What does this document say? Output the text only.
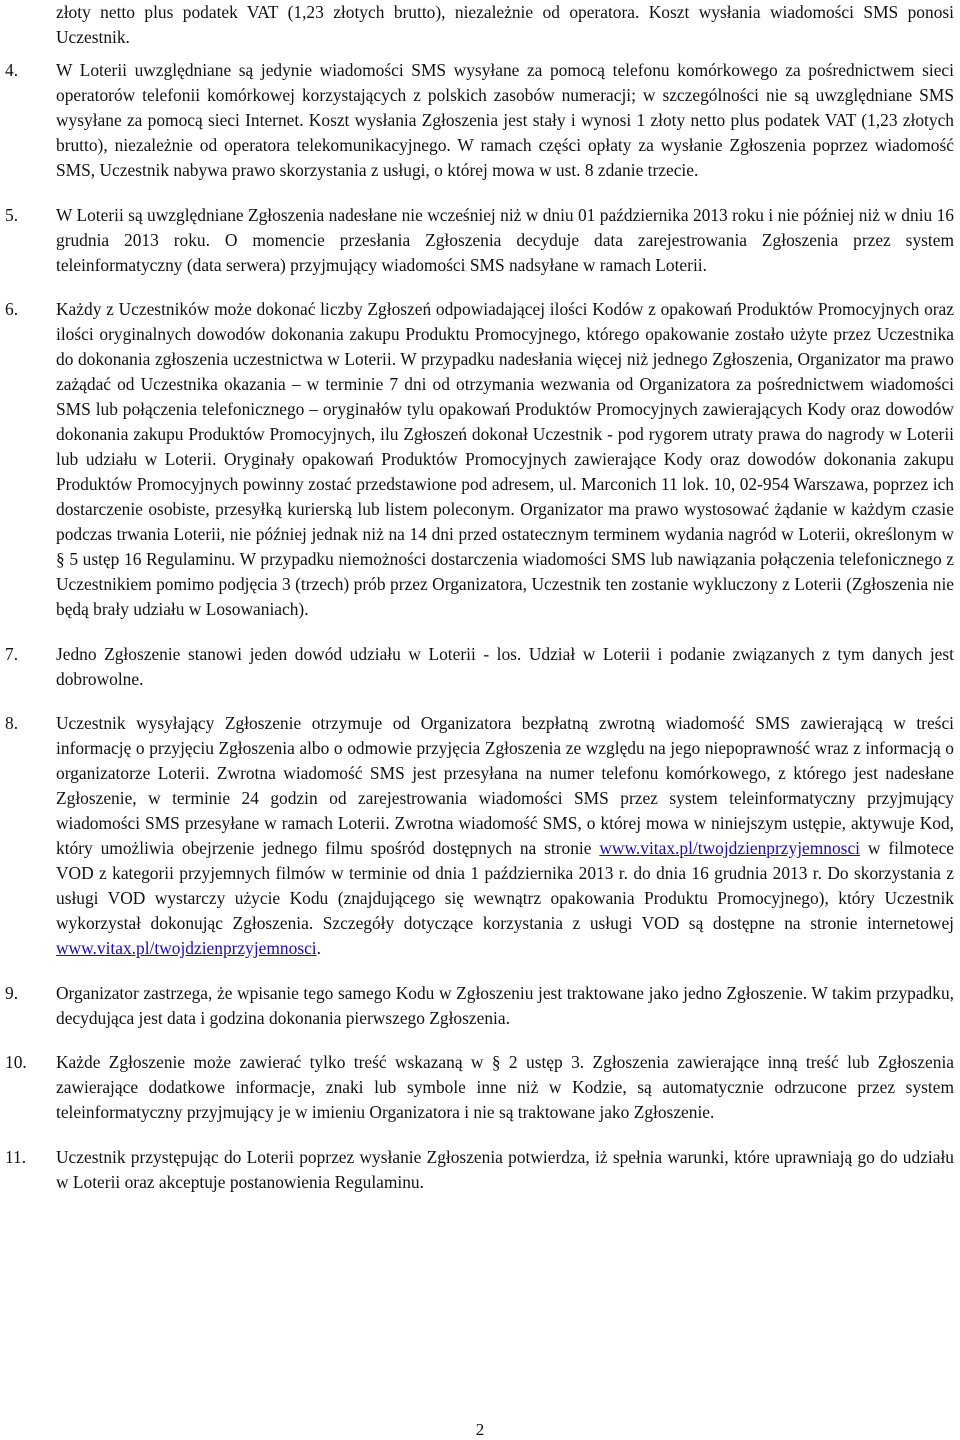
złoty netto plus podatek VAT (1,23 złotych brutto), niezależnie od operatora. Koszt wysłania wiadomości SMS ponosi Uczestnik.

4. W Loterii uwzględniane są jedynie wiadomości SMS wysyłane za pomocą telefonu komórkowego za pośrednictwem sieci operatorów telefonii komórkowej korzystających z polskich zasobów numeracji; w szczególności nie są uwzględniane SMS wysyłane za pomocą sieci Internet. Koszt wysłania Zgłoszenia jest stały i wynosi 1 złoty netto plus podatek VAT (1,23 złotych brutto), niezależnie od operatora telekomunikacyjnego. W ramach części opłaty za wysłanie Zgłoszenia poprzez wiadomość SMS, Uczestnik nabywa prawo skorzystania z usługi, o której mowa w ust. 8 zdanie trzecie.
5. W Loterii są uwzględniane Zgłoszenia nadesłane nie wcześniej niż w dniu 01 października 2013 roku i nie później niż w dniu 16 grudnia 2013 roku. O momencie przesłania Zgłoszenia decyduje data zarejestrowania Zgłoszenia przez system teleinformatyczny (data serwera) przyjmujący wiadomości SMS nadsyłane w ramach Loterii.
6. Każdy z Uczestników może dokonać liczby Zgłoszeń odpowiadającej ilości Kodów z opakowań Produktów Promocyjnych oraz ilości oryginalnych dowodów dokonania zakupu Produktu Promocyjnego, którego opakowanie zostało użyte przez Uczestnika do dokonania zgłoszenia uczestnictwa w Loterii. W przypadku nadesłania więcej niż jednego Zgłoszenia, Organizator ma prawo zażądać od Uczestnika okazania – w terminie 7 dni od otrzymania wezwania od Organizatora za pośrednictwem wiadomości SMS lub połączenia telefonicznego – oryginałów tylu opakowań Produktów Promocyjnych zawierających Kody oraz dowodów dokonania zakupu Produktów Promocyjnych, ilu Zgłoszeń dokonał Uczestnik - pod rygorem utraty prawa do nagrody w Loterii lub udziału w Loterii. Oryginały opakowań Produktów Promocyjnych zawierające Kody oraz dowodów dokonania zakupu Produktów Promocyjnych powinny zostać przedstawione pod adresem, ul. Marconich 11 lok. 10, 02-954 Warszawa, poprzez ich dostarczenie osobiste, przesyłką kurierską lub listem poleconym. Organizator ma prawo wystosować żądanie w każdym czasie podczas trwania Loterii, nie później jednak niż na 14 dni przed ostatecznym terminem wydania nagród w Loterii, określonym w § 5 ustęp 16 Regulaminu. W przypadku niemożności dostarczenia wiadomości SMS lub nawiązania połączenia telefonicznego z Uczestnikiem pomimo podjęcia 3 (trzech) prób przez Organizatora, Uczestnik ten zostanie wykluczony z Loterii (Zgłoszenia nie będą brały udziału w Losowaniach).
7. Jedno Zgłoszenie stanowi jeden dowód udziału w Loterii - los. Udział w Loterii i podanie związanych z tym danych jest dobrowolne.
8. Uczestnik wysyłający Zgłoszenie otrzymuje od Organizatora bezpłatną zwrotną wiadomość SMS zawierającą w treści informację o przyjęciu Zgłoszenia albo o odmowie przyjęcia Zgłoszenia ze względu na jego niepoprawność wraz z informacją o organizatorze Loterii. Zwrotna wiadomość SMS jest przesyłana na numer telefonu komórkowego, z którego jest nadesłane Zgłoszenie, w terminie 24 godzin od zarejestrowania wiadomości SMS przez system teleinformatyczny przyjmujący wiadomości SMS przesyłane w ramach Loterii. Zwrotna wiadomość SMS, o której mowa w niniejszym ustępie, aktywuje Kod, który umożliwia obejrzenie jednego filmu spośród dostępnych na stronie www.vitax.pl/twojdzienprzyjemnosci w filmotece VOD z kategorii przyjemnych filmów w terminie od dnia 1 października 2013 r. do dnia 16 grudnia 2013 r. Do skorzystania z usługi VOD wystarczy użycie Kodu (znajdującego się wewnątrz opakowania Produktu Promocyjnego), który Uczestnik wykorzystał dokonując Zgłoszenia. Szczegóły dotyczące korzystania z usługi VOD są dostępne na stronie internetowej www.vitax.pl/twojdzienprzyjemnosci.
9. Organizator zastrzega, że wpisanie tego samego Kodu w Zgłoszeniu jest traktowane jako jedno Zgłoszenie. W takim przypadku, decydująca jest data i godzina dokonania pierwszego Zgłoszenia.
10. Każde Zgłoszenie może zawierać tylko treść wskazaną w § 2 ustęp 3. Zgłoszenia zawierające inną treść lub Zgłoszenia zawierające dodatkowe informacje, znaki lub symbole inne niż w Kodzie, są automatycznie odrzucone przez system teleinformatyczny przyjmujący je w imieniu Organizatora i nie są traktowane jako Zgłoszenie.
11. Uczestnik przystępując do Loterii poprzez wysłanie Zgłoszenia potwierdza, iż spełnia warunki, które uprawniają go do udziału w Loterii oraz akceptuje postanowienia Regulaminu.
2
